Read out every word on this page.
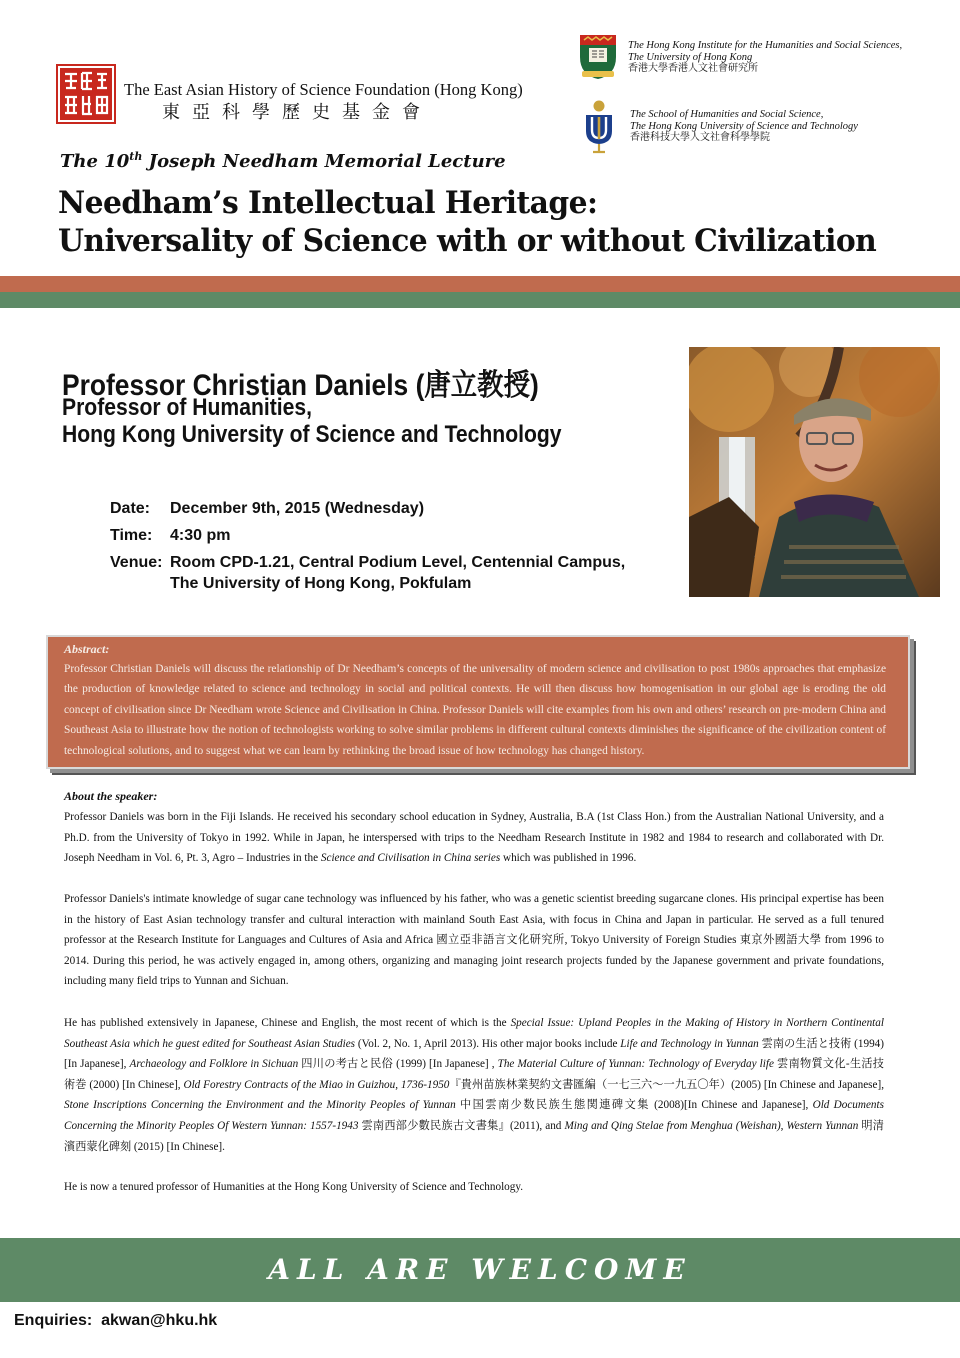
The East Asian History of Science Foundation (Hong Kong)
東亞科學歷史基金會
The Hong Kong Institute for the Humanities and Social Sciences,
The University of Hong Kong
香港大學香港人文社會研究所
The School of Humanities and Social Science,
The Hong Kong University of Science and Technology
香港科技大學人文社會科學學院
The 10th Joseph Needham Memorial Lecture
Needham’s Intellectual Heritage:
Universality of Science with or without Civilization
Professor Christian Daniels (唐立教授)
Professor of Humanities,
Hong Kong University of Science and Technology
Date: December 9th, 2015 (Wednesday)
Time: 4:30 pm
Venue: Room CPD-1.21, Central Podium Level, Centennial Campus,
The University of Hong Kong, Pokfulam
Abstract:
Professor Christian Daniels will discuss the relationship of Dr Needham’s concepts of the universality of modern science and civilisation to post 1980s approaches that emphasize the production of knowledge related to science and technology in social and political contexts. He will then discuss how homogenisation in our global age is eroding the old concept of civilisation since Dr Needham wrote Science and Civilisation in China. Professor Daniels will cite examples from his own and others’ research on pre-modern China and Southeast Asia to illustrate how the notion of technologists working to solve similar problems in different cultural contexts diminishes the significance of the civilization content of technological solutions, and to suggest what we can learn by rethinking the broad issue of how technology has changed history.
About the speaker:
Professor Daniels was born in the Fiji Islands. He received his secondary school education in Sydney, Australia, B.A (1st Class Hon.) from the Australian National University, and a Ph.D. from the University of Tokyo in 1992. While in Japan, he interspersed with trips to the Needham Research Institute in 1982 and 1984 to research and collaborated with Dr. Joseph Needham in Vol. 6, Pt. 3, Agro – Industries in the Science and Civilisation in China series which was published in 1996.
Professor Daniels's intimate knowledge of sugar cane technology was influenced by his father, who was a genetic scientist breeding sugarcane clones. His principal expertise has been in the history of East Asian technology transfer and cultural interaction with mainland South East Asia, with focus in China and Japan in particular. He served as a full tenured professor at the Research Institute for Languages and Cultures of Asia and Africa 國立亞非語言文化研究所, Tokyo University of Foreign Studies 東京外國語大學 from 1996 to 2014. During this period, he was actively engaged in, among others, organizing and managing joint research projects funded by the Japanese government and private foundations, including many field trips to Yunnan and Sichuan.
He has published extensively in Japanese, Chinese and English, the most recent of which is the Special Issue: Upland Peoples in the Making of History in Northern Continental Southeast Asia which he guest edited for Southeast Asian Studies (Vol. 2, No. 1, April 2013). His other major books include Life and Technology in Yunnan 雲南の生活と技術 (1994) [In Japanese], Archaeology and Folklore in Sichuan 四川の考古と民俗 (1999) [In Japanese] , The Material Culture of Yunnan: Technology of Everyday life 雲南物質文化-生活技術巻 (2000) [In Chinese], Old Forestry Contracts of the Miao in Guizhou, 1736-1950『貴州苗族林業契約文書匯編（一七三六～一九五〇年）(2005) [In Chinese and Japanese], Stone Inscriptions Concerning the Environment and the Minority Peoples of Yunnan 中国雲南少数民族生態関連碑文集 (2008)[In Chinese and Japanese], Old Documents Concerning the Minority Peoples Of Western Yunnan: 1557-1943 雲南西部少數民族古文書集』(2011), and Ming and Qing Stelae from Menghua (Weishan), Western Yunnan 明清濱西蒙化碑刻 (2015) [In Chinese].
He is now a tenured professor of Humanities at the Hong Kong University of Science and Technology.
ALL ARE WELCOME
Enquiries: akwan@hku.hk
